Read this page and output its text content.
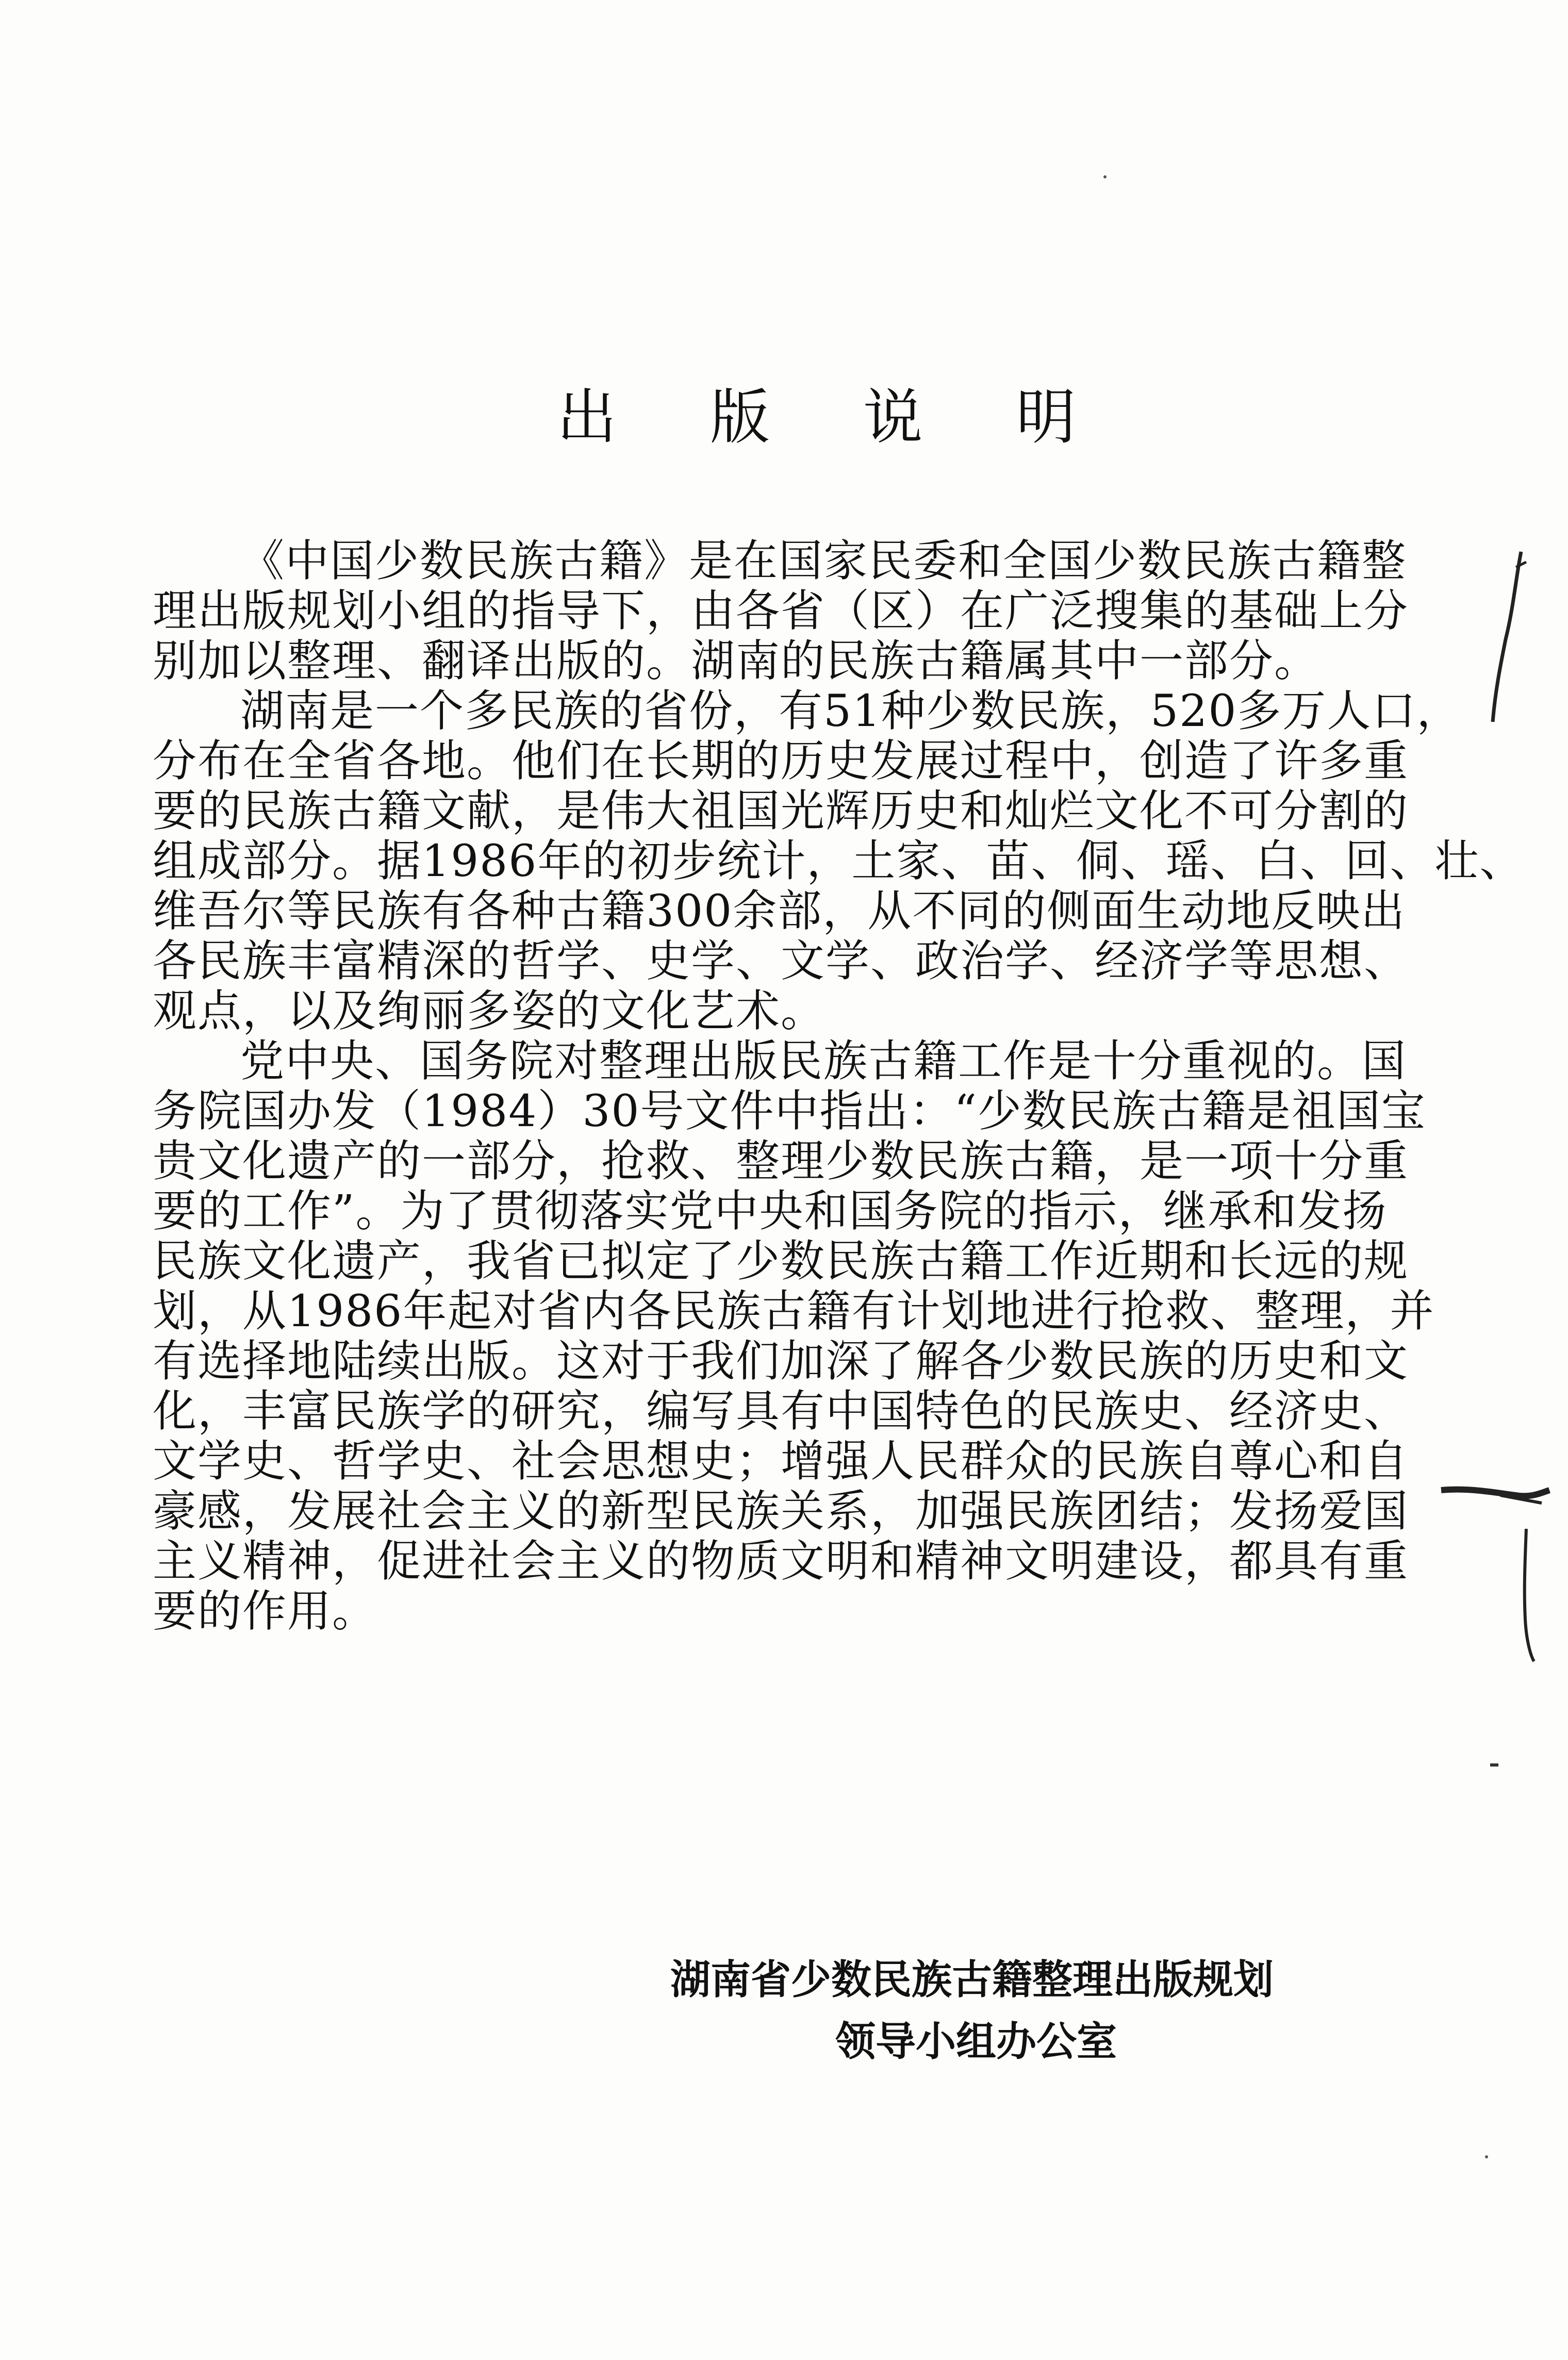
出 版 说 明
《中国少数民族古籍》是在国家民委和全国少数民族古籍整
理出版规划小组的指导下，由各省（区）在广泛搜集的基础上分
别加以整理、翻译出版的。湖南的民族古籍属其中一部分。
湖南是一个多民族的省份，有51种少数民族，520多万人口，
分布在全省各地。他们在长期的历史发展过程中，创造了许多重
要的民族古籍文献，是伟大祖国光辉历史和灿烂文化不可分割的
组成部分。据1986年的初步统计，土家、苗、侗、瑶、白、回、壮、
维吾尔等民族有各种古籍300余部，从不同的侧面生动地反映出
各民族丰富精深的哲学、史学、文学、政治学、经济学等思想、
观点，以及绚丽多姿的文化艺术。
党中央、国务院对整理出版民族古籍工作是十分重视的。国
务院国办发（1984）30号文件中指出：“少数民族古籍是祖国宝
贵文化遗产的一部分，抢救、整理少数民族古籍，是一项十分重
要的工作”。为了贯彻落实党中央和国务院的指示，继承和发扬
民族文化遗产，我省已拟定了少数民族古籍工作近期和长远的规
划，从1986年起对省内各民族古籍有计划地进行抢救、整理，并
有选择地陆续出版。这对于我们加深了解各少数民族的历史和文
化，丰富民族学的研究，编写具有中国特色的民族史、经济史、
文学史、哲学史、社会思想史；增强人民群众的民族自尊心和自
豪感，发展社会主义的新型民族关系，加强民族团结；发扬爱国
主义精神，促进社会主义的物质文明和精神文明建设，都具有重
要的作用。
湖南省少数民族古籍整理出版规划
领导小组办公室
